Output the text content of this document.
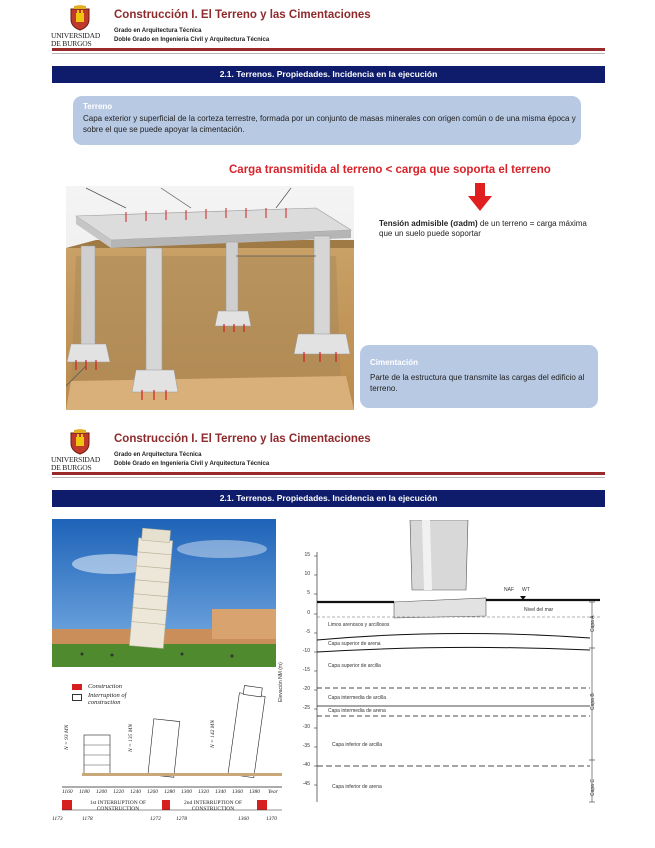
UNIVERSIDAD
DE BURGOS
Construcción I. El Terreno y las Cimentaciones
Grado en Arquitectura Técnica
Doble Grado en Ingeniería Civil y Arquitectura Técnica
2.1. Terrenos. Propiedades. Incidencia en la ejecución
Terreno
Capa exterior y superficial de la corteza terrestre, formada por un conjunto de masas minerales con origen común o de una misma época y sobre el que se puede apoyar la cimentación.
Carga transmitida al terreno < carga que soporta el terreno
Tensión admisible (σadm) de un terreno = carga máxima que un suelo puede soportar
Cimentación
Parte de la estructura que transmite las cargas del edificio al terreno.
UNIVERSIDAD
DE BURGOS
Construcción I. El Terreno y las Cimentaciones
Grado en Arquitectura Técnica
Doble Grado en Ingeniería Civil y Arquitectura Técnica
2.1. Terrenos. Propiedades. Incidencia en la ejecución
Construction
Interruption of construction
N = 93 MN	N = 135 MN	N = 142 MN
1160 1180 1200 1220 1240 1260 1280 1300 1320 1340 1360 1380 Year
1st INTERRUPTION OF CONSTRUCTION
2nd INTERRUPTION OF CONSTRUCTION
1173	1178	1272	1278	1360	1370
15
10
5
0
-5
-10
-15
-20
-25
-30
-35
-40
-45
Elevación NM (m)
NAF WT
Nivel del mar
Limos arenosos y arcillosos
Capa superior de arena
Capa superior de arcilla
Capa intermedia de arcilla
Capa intermedia de arena
Capa inferior de arcilla
Capa inferior de arena
Capa A
Capa B
Capa C
